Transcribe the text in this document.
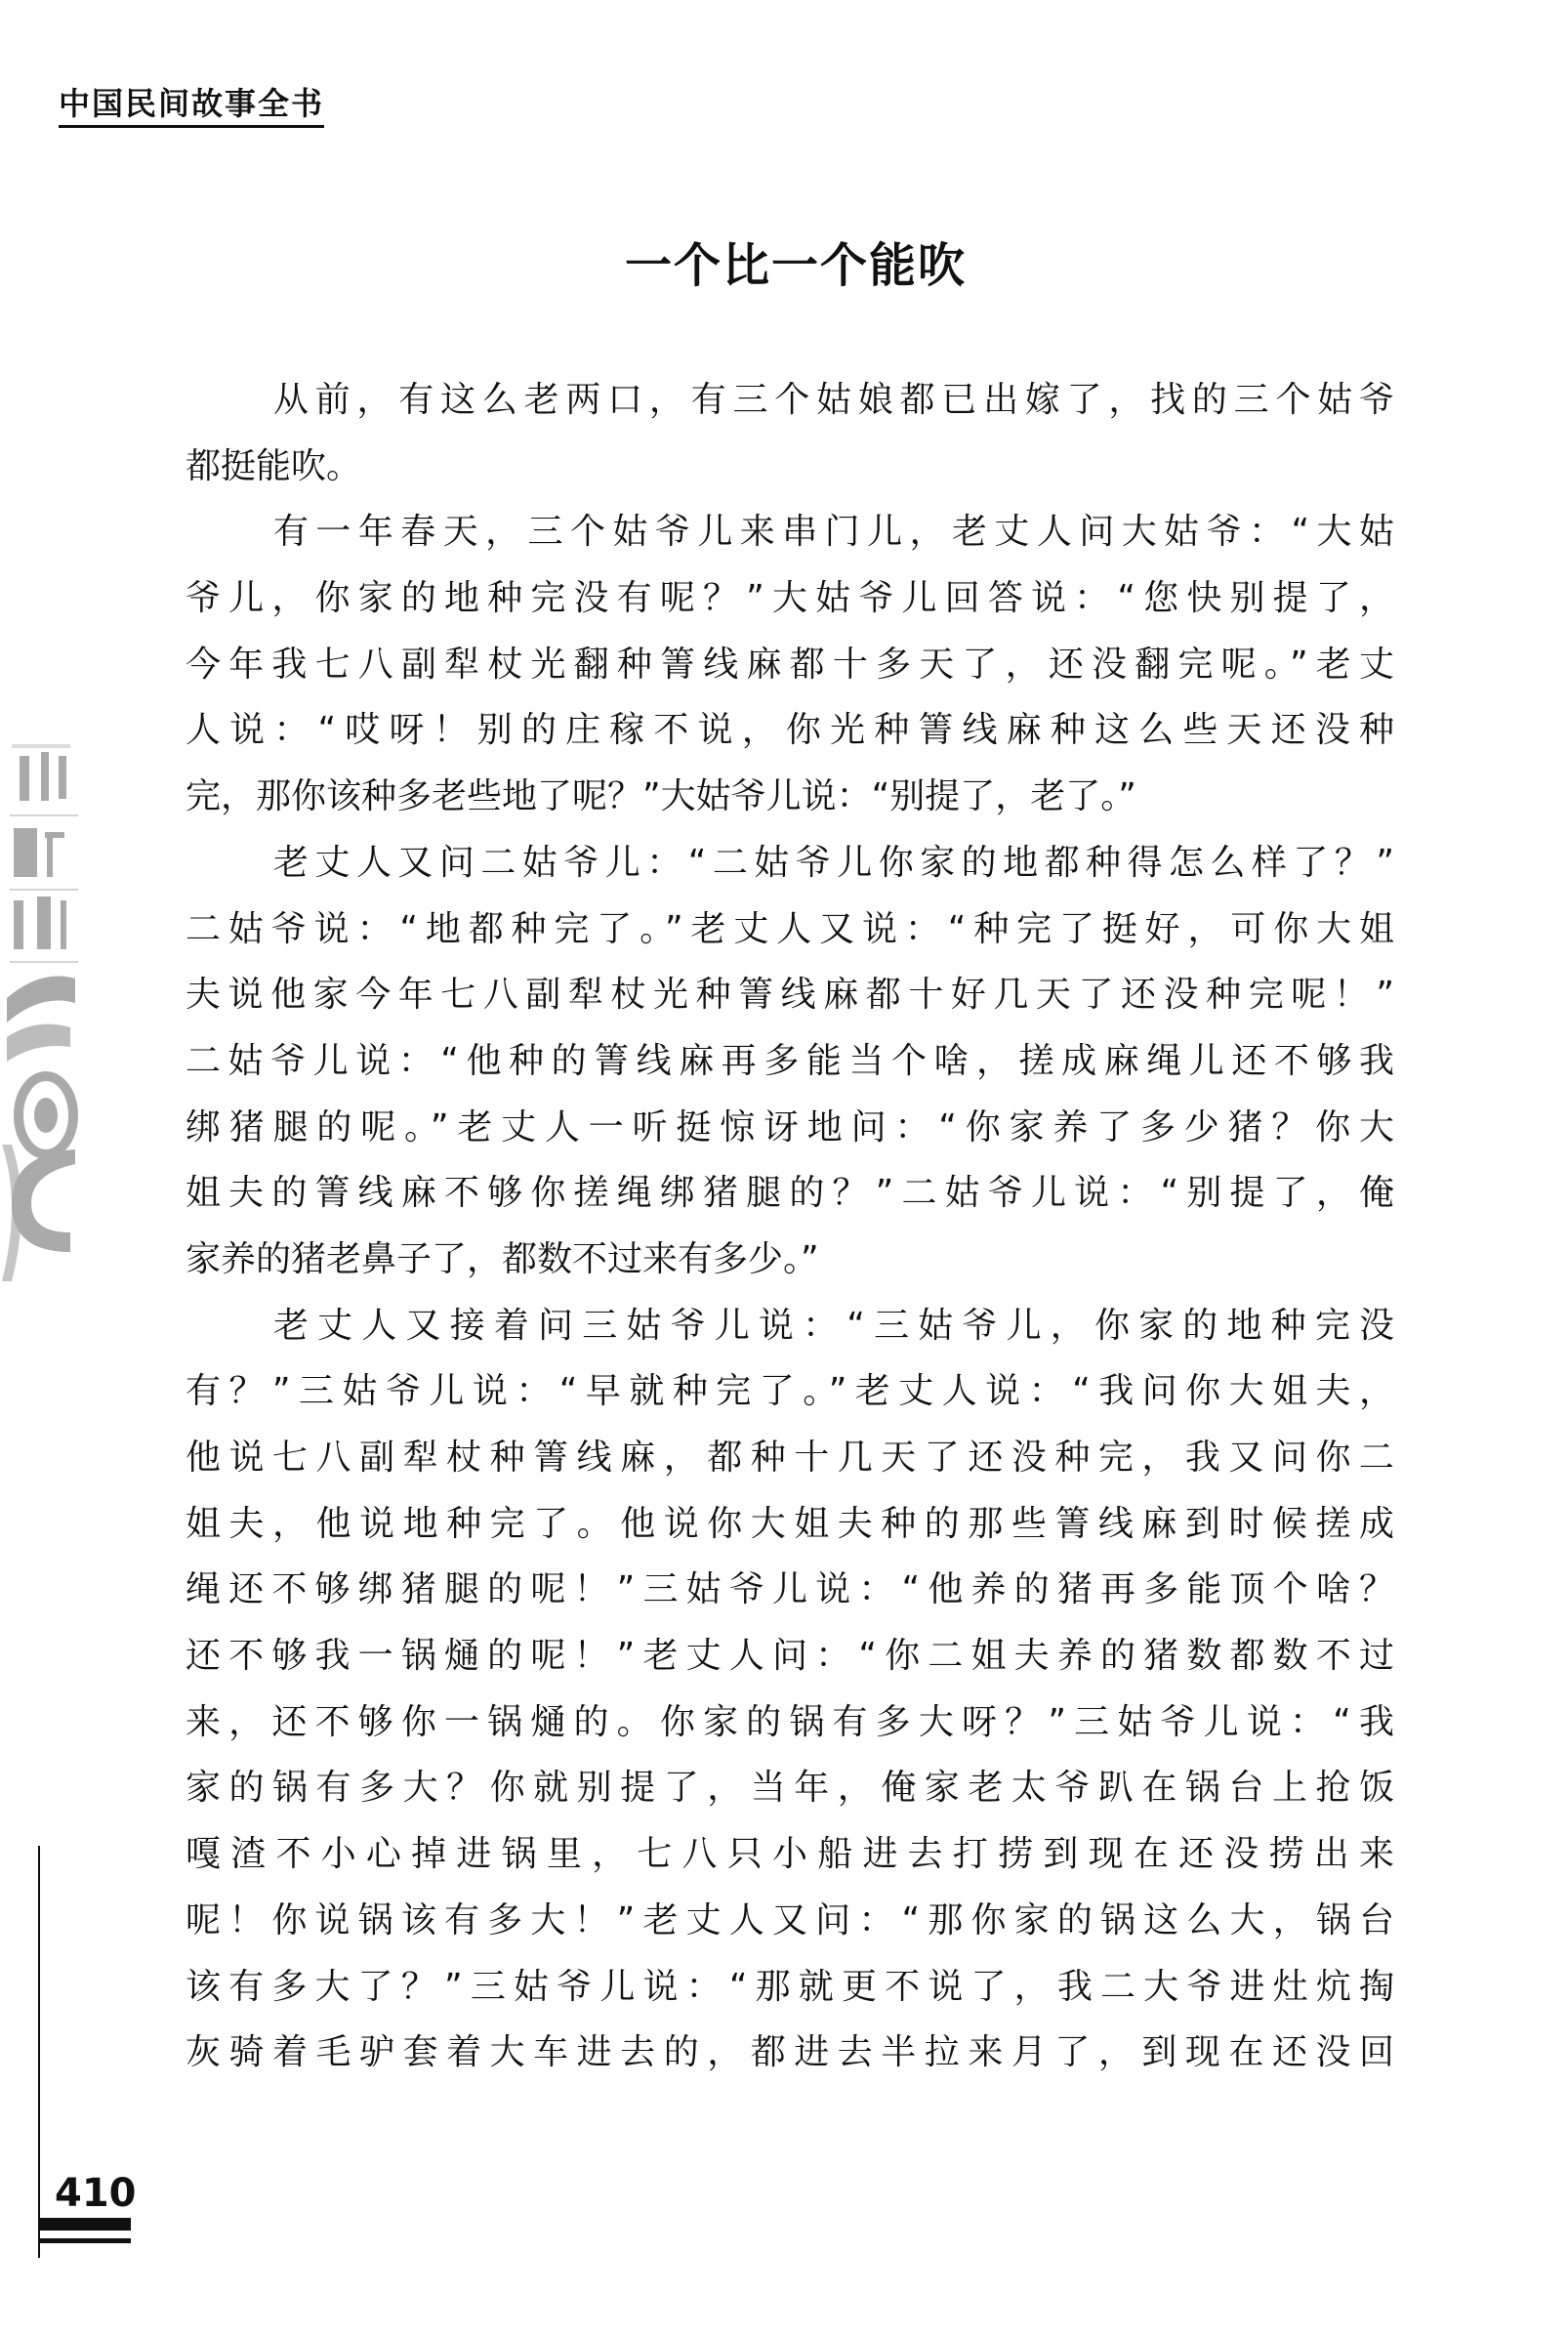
中国民间故事全书
一个比一个能吹
从前，有这么老两口，有三个姑娘都已出嫁了，找的三个姑爷
都挺能吹。
有一年春天，三个姑爷儿来串门儿，老丈人问大姑爷：“大姑
爷儿，你家的地种完没有呢？”大姑爷儿回答说：“您快别提了，
今年我七八副犁杖光翻种箐线麻都十多天了，还没翻完呢。”老丈
人说：“哎呀！别的庄稼不说，你光种箐线麻种这么些天还没种
完，那你该种多老些地了呢？”大姑爷儿说：“别提了，老了。”
老丈人又问二姑爷儿：“二姑爷儿你家的地都种得怎么样了？”
二姑爷说：“地都种完了。”老丈人又说：“种完了挺好，可你大姐
夫说他家今年七八副犁杖光种箐线麻都十好几天了还没种完呢！”
二姑爷儿说：“他种的箐线麻再多能当个啥，搓成麻绳儿还不够我
绑猪腿的呢。”老丈人一听挺惊讶地问：“你家养了多少猪？你大
姐夫的箐线麻不够你搓绳绑猪腿的？”二姑爷儿说：“别提了，俺
家养的猪老鼻子了，都数不过来有多少。”
老丈人又接着问三姑爷儿说：“三姑爷儿，你家的地种完没
有？”三姑爷儿说：“早就种完了。”老丈人说：“我问你大姐夫，
他说七八副犁杖种箐线麻，都种十几天了还没种完，我又问你二
姐夫，他说地种完了。他说你大姐夫种的那些箐线麻到时候搓成
绳还不够绑猪腿的呢！”三姑爷儿说：“他养的猪再多能顶个啥？
还不够我一锅熥的呢！”老丈人问：“你二姐夫养的猪数都数不过
来，还不够你一锅熥的。你家的锅有多大呀？”三姑爷儿说：“我
家的锅有多大？你就别提了，当年，俺家老太爷趴在锅台上抢饭
嘎渣不小心掉进锅里，七八只小船进去打捞到现在还没捞出来
呢！你说锅该有多大！”老丈人又问：“那你家的锅这么大，锅台
该有多大了？”三姑爷儿说：“那就更不说了，我二大爷进灶炕掏
灰骑着毛驴套着大车进去的，都进去半拉来月了，到现在还没回
410
